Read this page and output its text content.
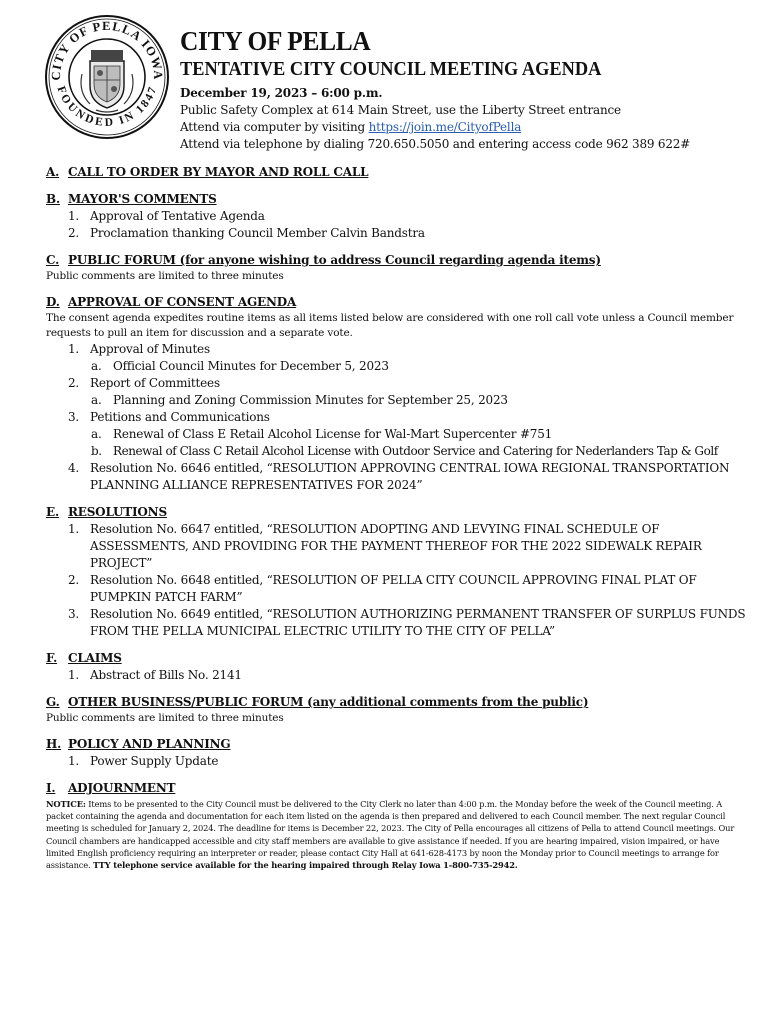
CITY OF PELLA IOWA
FOUNDED IN 1847
CITY OF PELLA
TENTATIVE CITY COUNCIL MEETING AGENDA
December 19, 2023 – 6:00 p.m.
Public Safety Complex at 614 Main Street, use the Liberty Street entrance
Attend via computer by visiting https://join.me/CityofPella
Attend via telephone by dialing 720.650.5050 and entering access code 962 389 622#
A. CALL TO ORDER BY MAYOR AND ROLL CALL
B. MAYOR'S COMMENTS
1. Approval of Tentative Agenda
2. Proclamation thanking Council Member Calvin Bandstra
C. PUBLIC FORUM (for anyone wishing to address Council regarding agenda items)
Public comments are limited to three minutes
D. APPROVAL OF CONSENT AGENDA
The consent agenda expedites routine items as all items listed below are considered with one roll call vote unless a Council member requests to pull an item for discussion and a separate vote.
1. Approval of Minutes
a. Official Council Minutes for December 5, 2023
2. Report of Committees
a. Planning and Zoning Commission Minutes for September 25, 2023
3. Petitions and Communications
a. Renewal of Class E Retail Alcohol License for Wal-Mart Supercenter #751
b. Renewal of Class C Retail Alcohol License with Outdoor Service and Catering for Nederlanders Tap & Golf
4. Resolution No. 6646 entitled, “RESOLUTION APPROVING CENTRAL IOWA REGIONAL TRANSPORTATION PLANNING ALLIANCE REPRESENTATIVES FOR 2024”
E. RESOLUTIONS
1. Resolution No. 6647 entitled, “RESOLUTION ADOPTING AND LEVYING FINAL SCHEDULE OF ASSESSMENTS, AND PROVIDING FOR THE PAYMENT THEREOF FOR THE 2022 SIDEWALK REPAIR PROJECT”
2. Resolution No. 6648 entitled, “RESOLUTION OF PELLA CITY COUNCIL APPROVING FINAL PLAT OF PUMPKIN PATCH FARM”
3. Resolution No. 6649 entitled, “RESOLUTION AUTHORIZING PERMANENT TRANSFER OF SURPLUS FUNDS FROM THE PELLA MUNICIPAL ELECTRIC UTILITY TO THE CITY OF PELLA”
F. CLAIMS
1. Abstract of Bills No. 2141
G. OTHER BUSINESS/PUBLIC FORUM (any additional comments from the public)
Public comments are limited to three minutes
H. POLICY AND PLANNING
1. Power Supply Update
I. ADJOURNMENT
NOTICE: Items to be presented to the City Council must be delivered to the City Clerk no later than 4:00 p.m. the Monday before the week of the Council meeting. A packet containing the agenda and documentation for each item listed on the agenda is then prepared and delivered to each Council member. The next regular Council meeting is scheduled for January 2, 2024. The deadline for items is December 22, 2023. The City of Pella encourages all citizens of Pella to attend Council meetings. Our Council chambers are handicapped accessible and city staff members are available to give assistance if needed. If you are hearing impaired, vision impaired, or have limited English proficiency requiring an interpreter or reader, please contact City Hall at 641-628-4173 by noon the Monday prior to Council meetings to arrange for assistance. TTY telephone service available for the hearing impaired through Relay Iowa 1-800-735-2942.
